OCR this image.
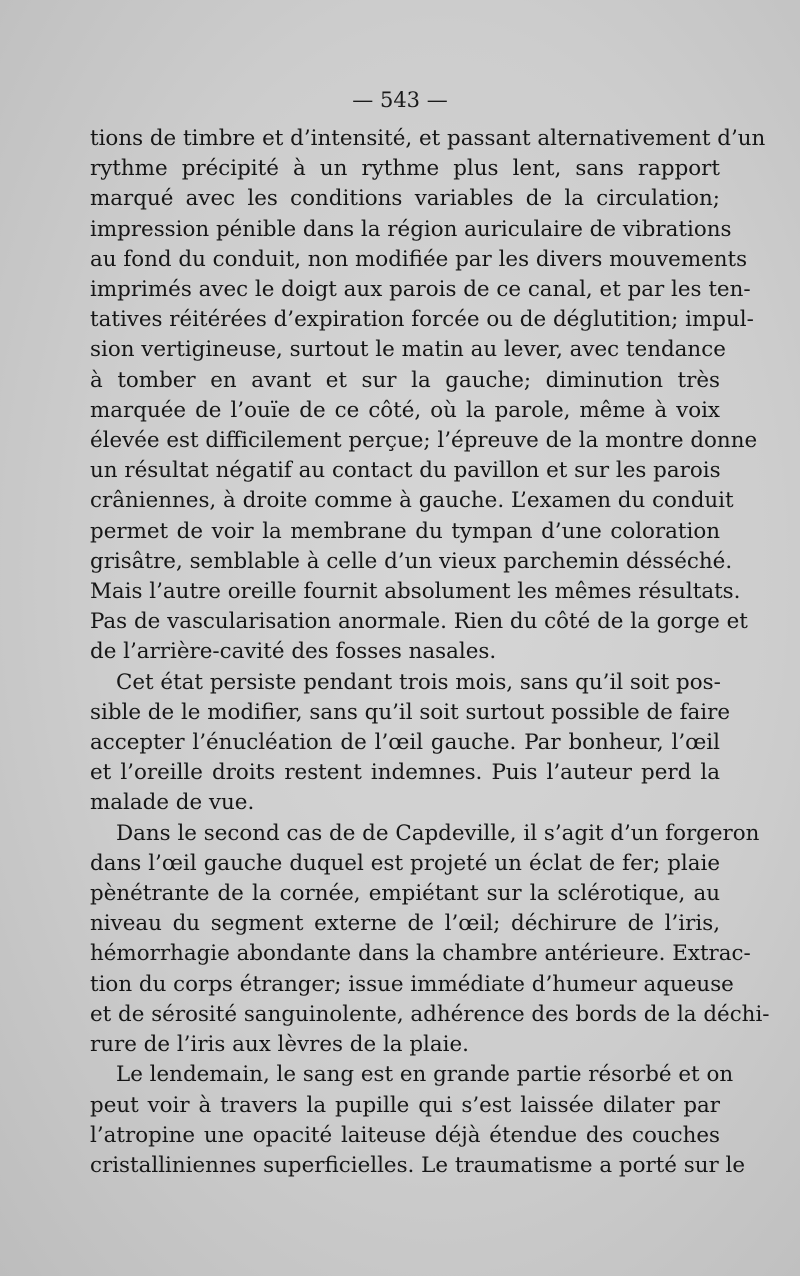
— 543 —
tions de timbre et d’intensité, et passant alternativement d’un
rythme précipité à un rythme plus lent, sans rapport
marqué avec les conditions variables de la circulation;
impression pénible dans la région auriculaire de vibrations
au fond du conduit, non modifiée par les divers mouvements
imprimés avec le doigt aux parois de ce canal, et par les ten-
tatives réitérées d’expiration forcée ou de déglutition; impul-
sion vertigineuse, surtout le matin au lever, avec tendance
à tomber en avant et sur la gauche; diminution très
marquée de l’ouïe de ce côté, où la parole, même à voix
élevée est difficilement perçue; l’épreuve de la montre donne
un résultat négatif au contact du pavillon et sur les parois
crâniennes, à droite comme à gauche. L’examen du conduit
permet de voir la membrane du tympan d’une coloration
grisâtre, semblable à celle d’un vieux parchemin désséché.
Mais l’autre oreille fournit absolument les mêmes résultats.
Pas de vascularisation anormale. Rien du côté de la gorge et
de l’arrière-cavité des fosses nasales.
Cet état persiste pendant trois mois, sans qu’il soit pos-
sible de le modifier, sans qu’il soit surtout possible de faire
accepter l’énucléation de l’œil gauche. Par bonheur, l’œil
et l’oreille droits restent indemnes. Puis l’auteur perd la
malade de vue.
Dans le second cas de de Capdeville, il s’agit d’un forgeron
dans l’œil gauche duquel est projeté un éclat de fer; plaie
pènétrante de la cornée, empiétant sur la sclérotique, au
niveau du segment externe de l’œil; déchirure de l’iris,
hémorrhagie abondante dans la chambre antérieure. Extrac-
tion du corps étranger; issue immédiate d’humeur aqueuse
et de sérosité sanguinolente, adhérence des bords de la déchi-
rure de l’iris aux lèvres de la plaie.
Le lendemain, le sang est en grande partie résorbé et on
peut voir à travers la pupille qui s’est laissée dilater par
l’atropine une opacité laiteuse déjà étendue des couches
cristalliniennes superficielles. Le traumatisme a porté sur le
